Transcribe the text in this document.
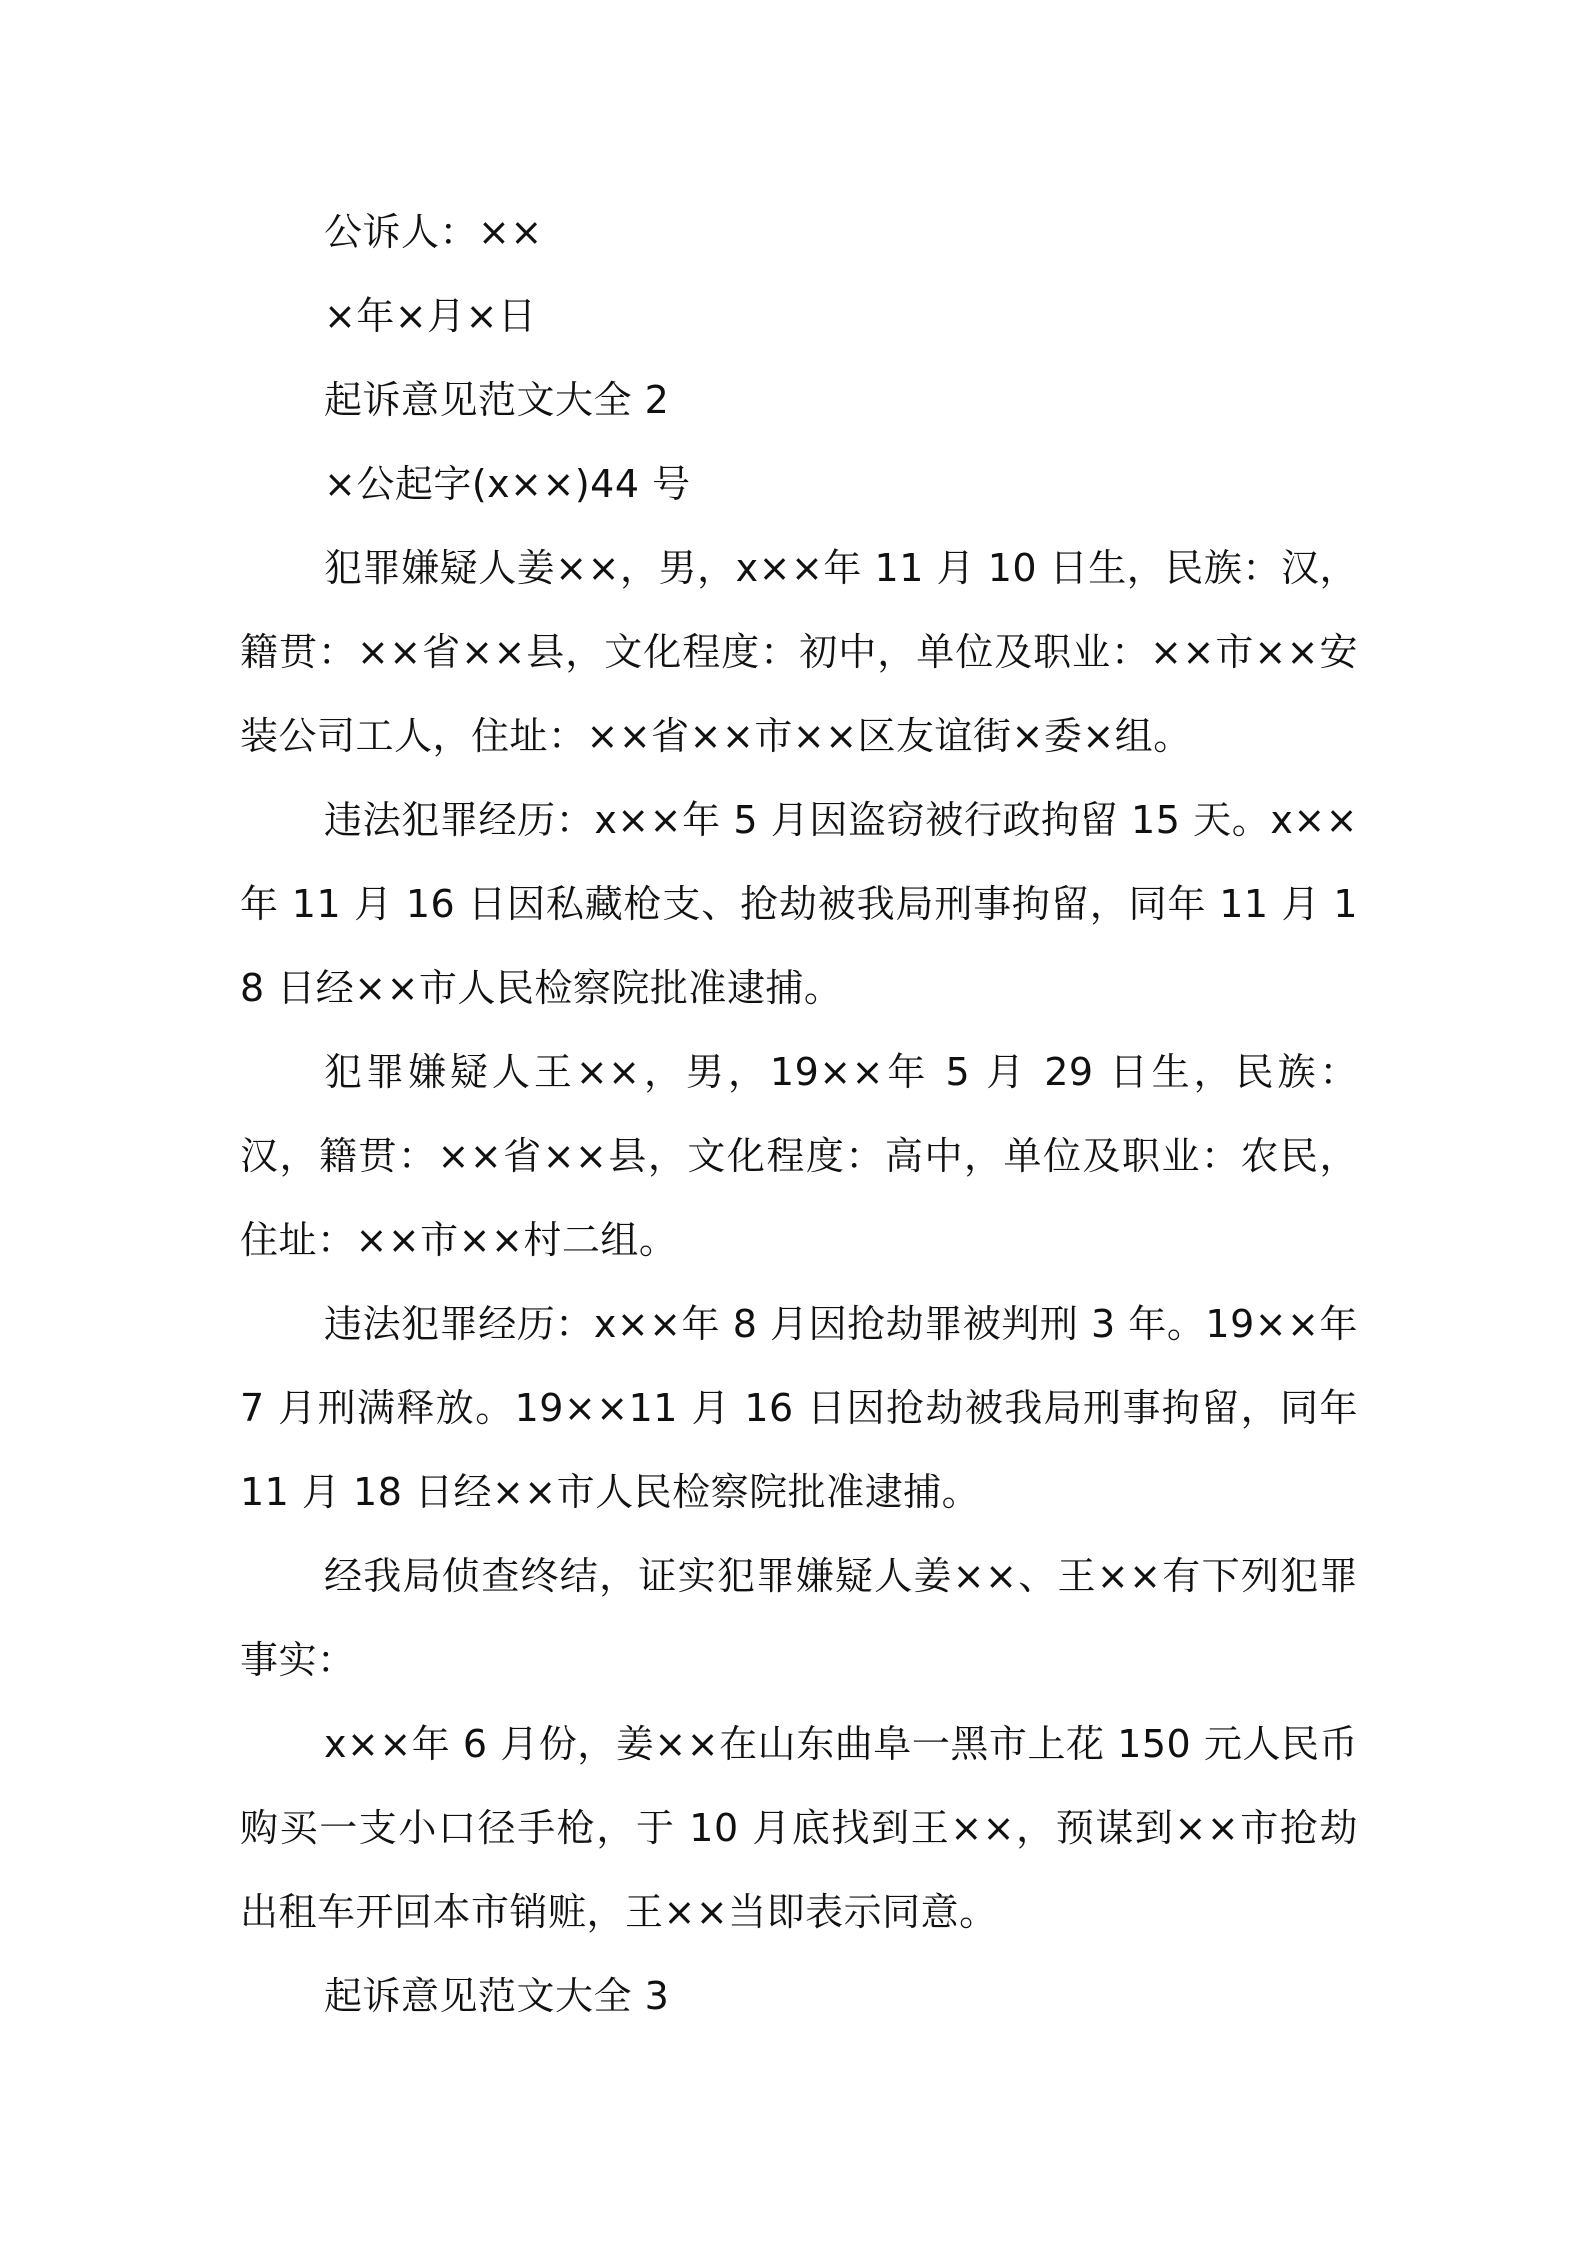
公诉人：××

×年×月×日

起诉意见范文大全 2

×公起字(x××)44 号

犯罪嫌疑人姜××，男，x××年 11 月 10 日生，民族：汉，籍贯：××省××县，文化程度：初中，单位及职业：××市××安装公司工人，住址：××省××市××区友谊街×委×组。

违法犯罪经历：x××年 5 月因盗窃被行政拘留 15 天。x××年 11 月 16 日因私藏枪支、抢劫被我局刑事拘留，同年 11 月 18 日经××市人民检察院批准逮捕。

犯罪嫌疑人王××，男，19××年 5 月 29 日生，民族：汉，籍贯：××省××县，文化程度：高中，单位及职业：农民，住址：××市××村二组。

违法犯罪经历：x××年 8 月因抢劫罪被判刑 3 年。19××年 7 月刑满释放。19××11 月 16 日因抢劫被我局刑事拘留，同年 11 月 18 日经××市人民检察院批准逮捕。

经我局侦查终结，证实犯罪嫌疑人姜××、王××有下列犯罪事实：

x××年 6 月份，姜××在山东曲阜一黑市上花 150 元人民币购买一支小口径手枪，于 10 月底找到王××，预谋到××市抢劫出租车开回本市销赃，王××当即表示同意。

起诉意见范文大全 3
